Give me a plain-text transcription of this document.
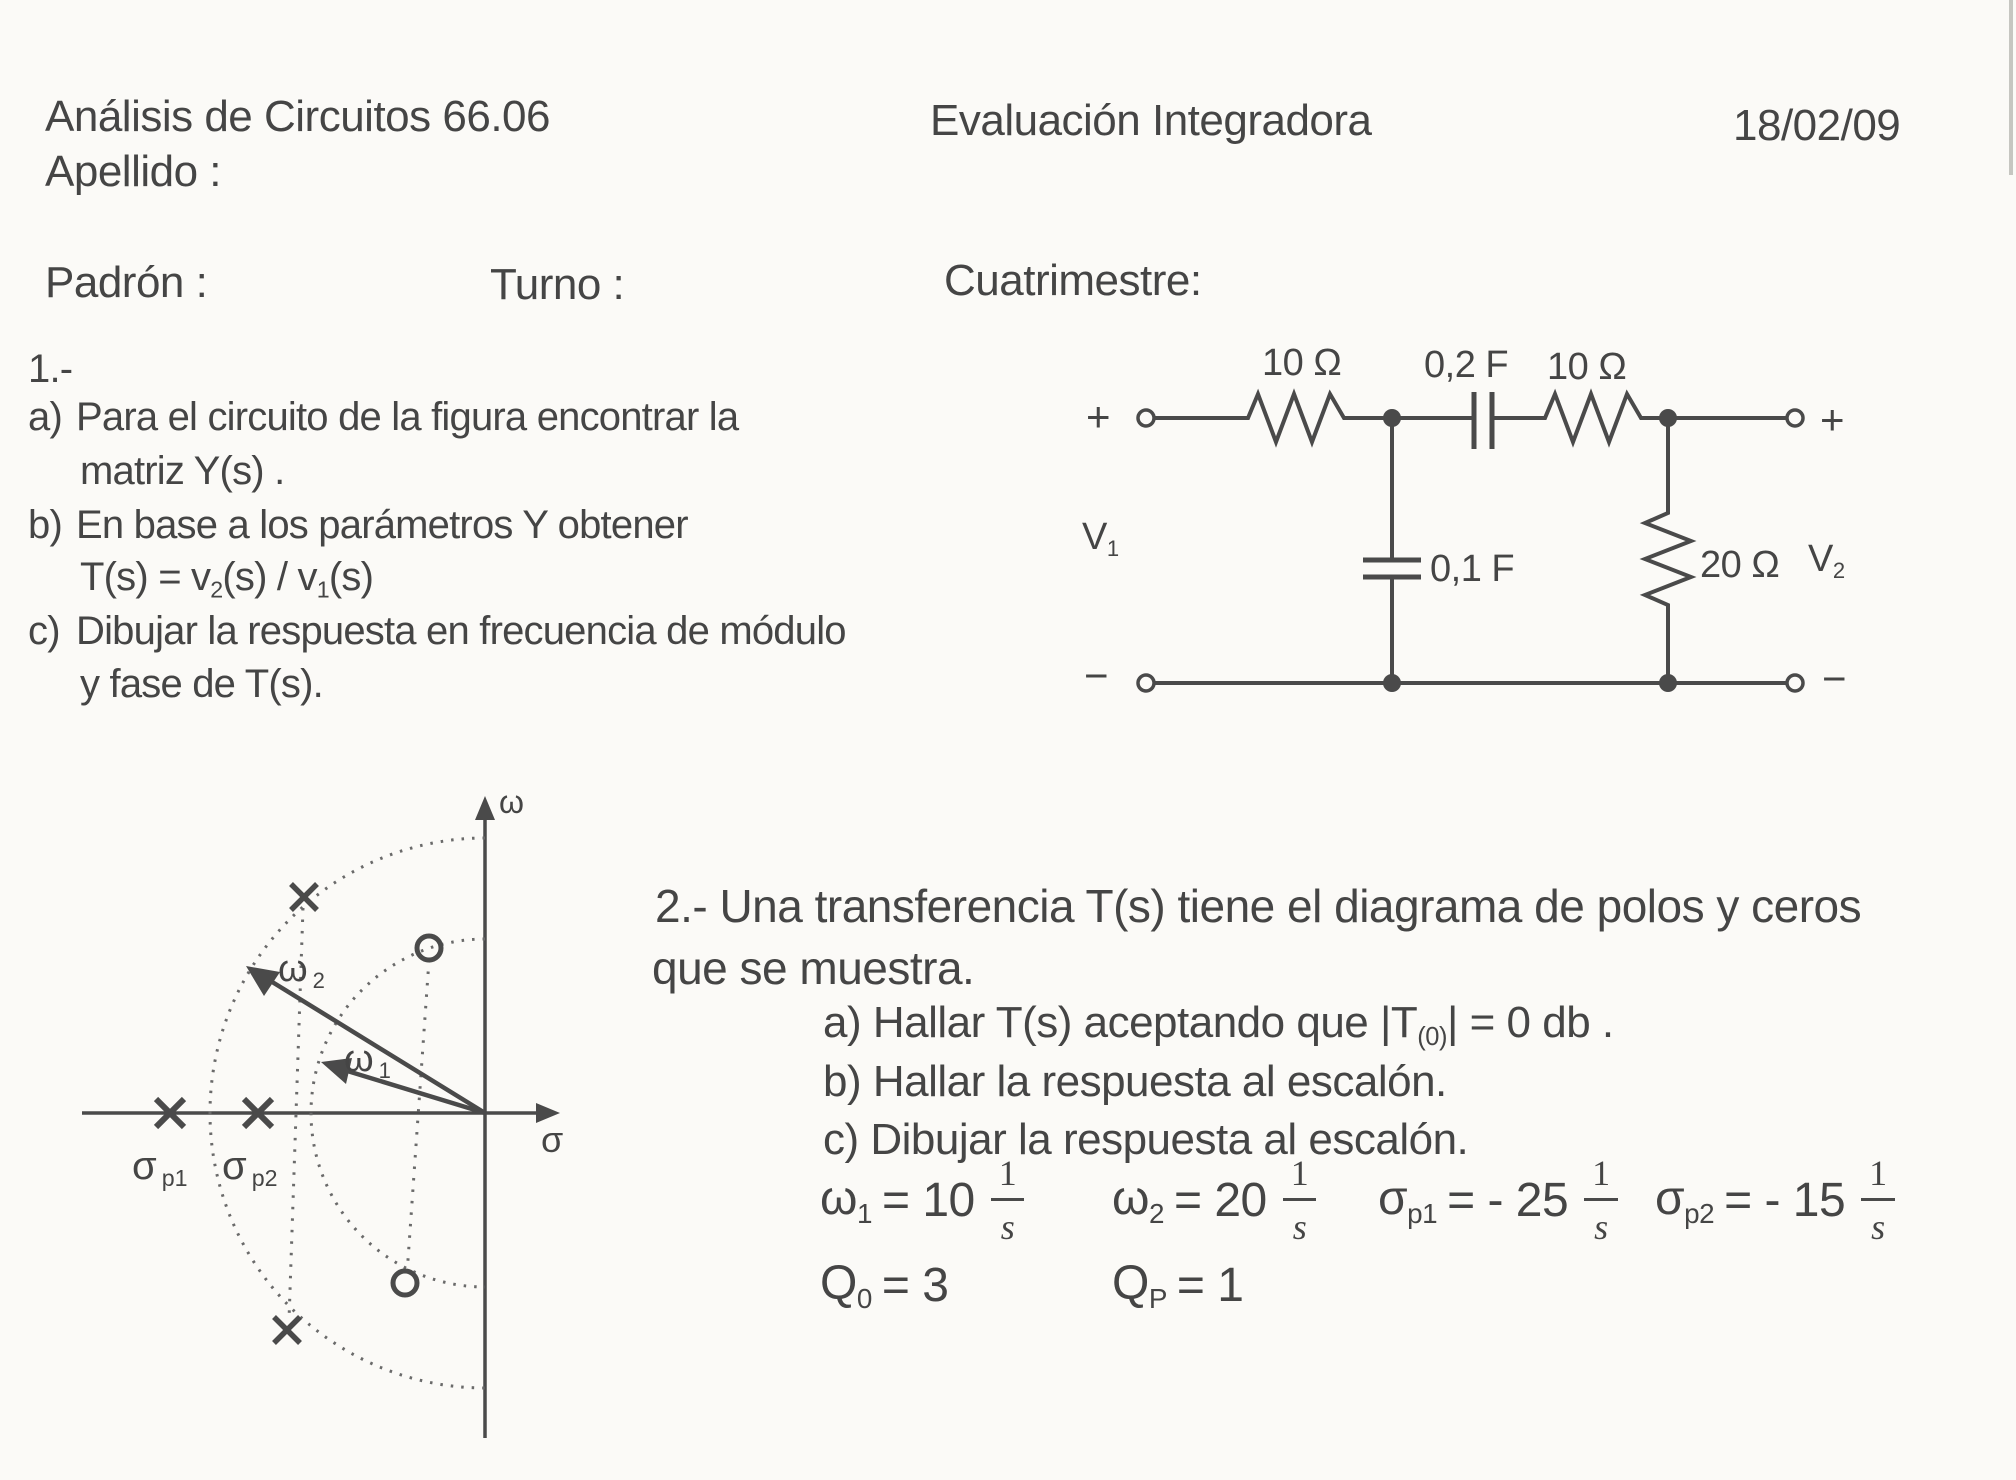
Análisis de Circuitos 66.06	Evaluación Integradora	18/02/09
Apellido :
Padrón :	Turno :	Cuatrimestre:
1.-
a) Para el circuito de la figura encontrar la
matriz Y(s) .
b) En base a los parámetros Y obtener
$T(s) = v_2(s) / v_1(s)$
c) Dibujar la respuesta en frecuencia de módulo
y fase de T(s).
10 Ω 0,2 F 10 Ω
0,1 F	20 Ω
$V_1$	$V_2$
+	+
−	−
ω
σ
σ $_{p1}$ σ $_{p2}$
ω $_2$
ω $_1$
2.- Una transferencia T(s) tiene el diagrama de polos y ceros
que se muestra.
a) Hallar T(s) aceptando que $|T_{(0)}| = 0$ db .
b) Hallar la respuesta al escalón.
c) Dibujar la respuesta al escalón.
$\omega_1 = 10 \frac{1}{s} \omega_2 = 20 \frac{1}{s} \sigma_{p1}$ = - $25 \frac{1}{s} \sigma_{p2}$ = - $15 \frac{1}{s}$
$Q_0 = 3$	$Q_P = 1$
